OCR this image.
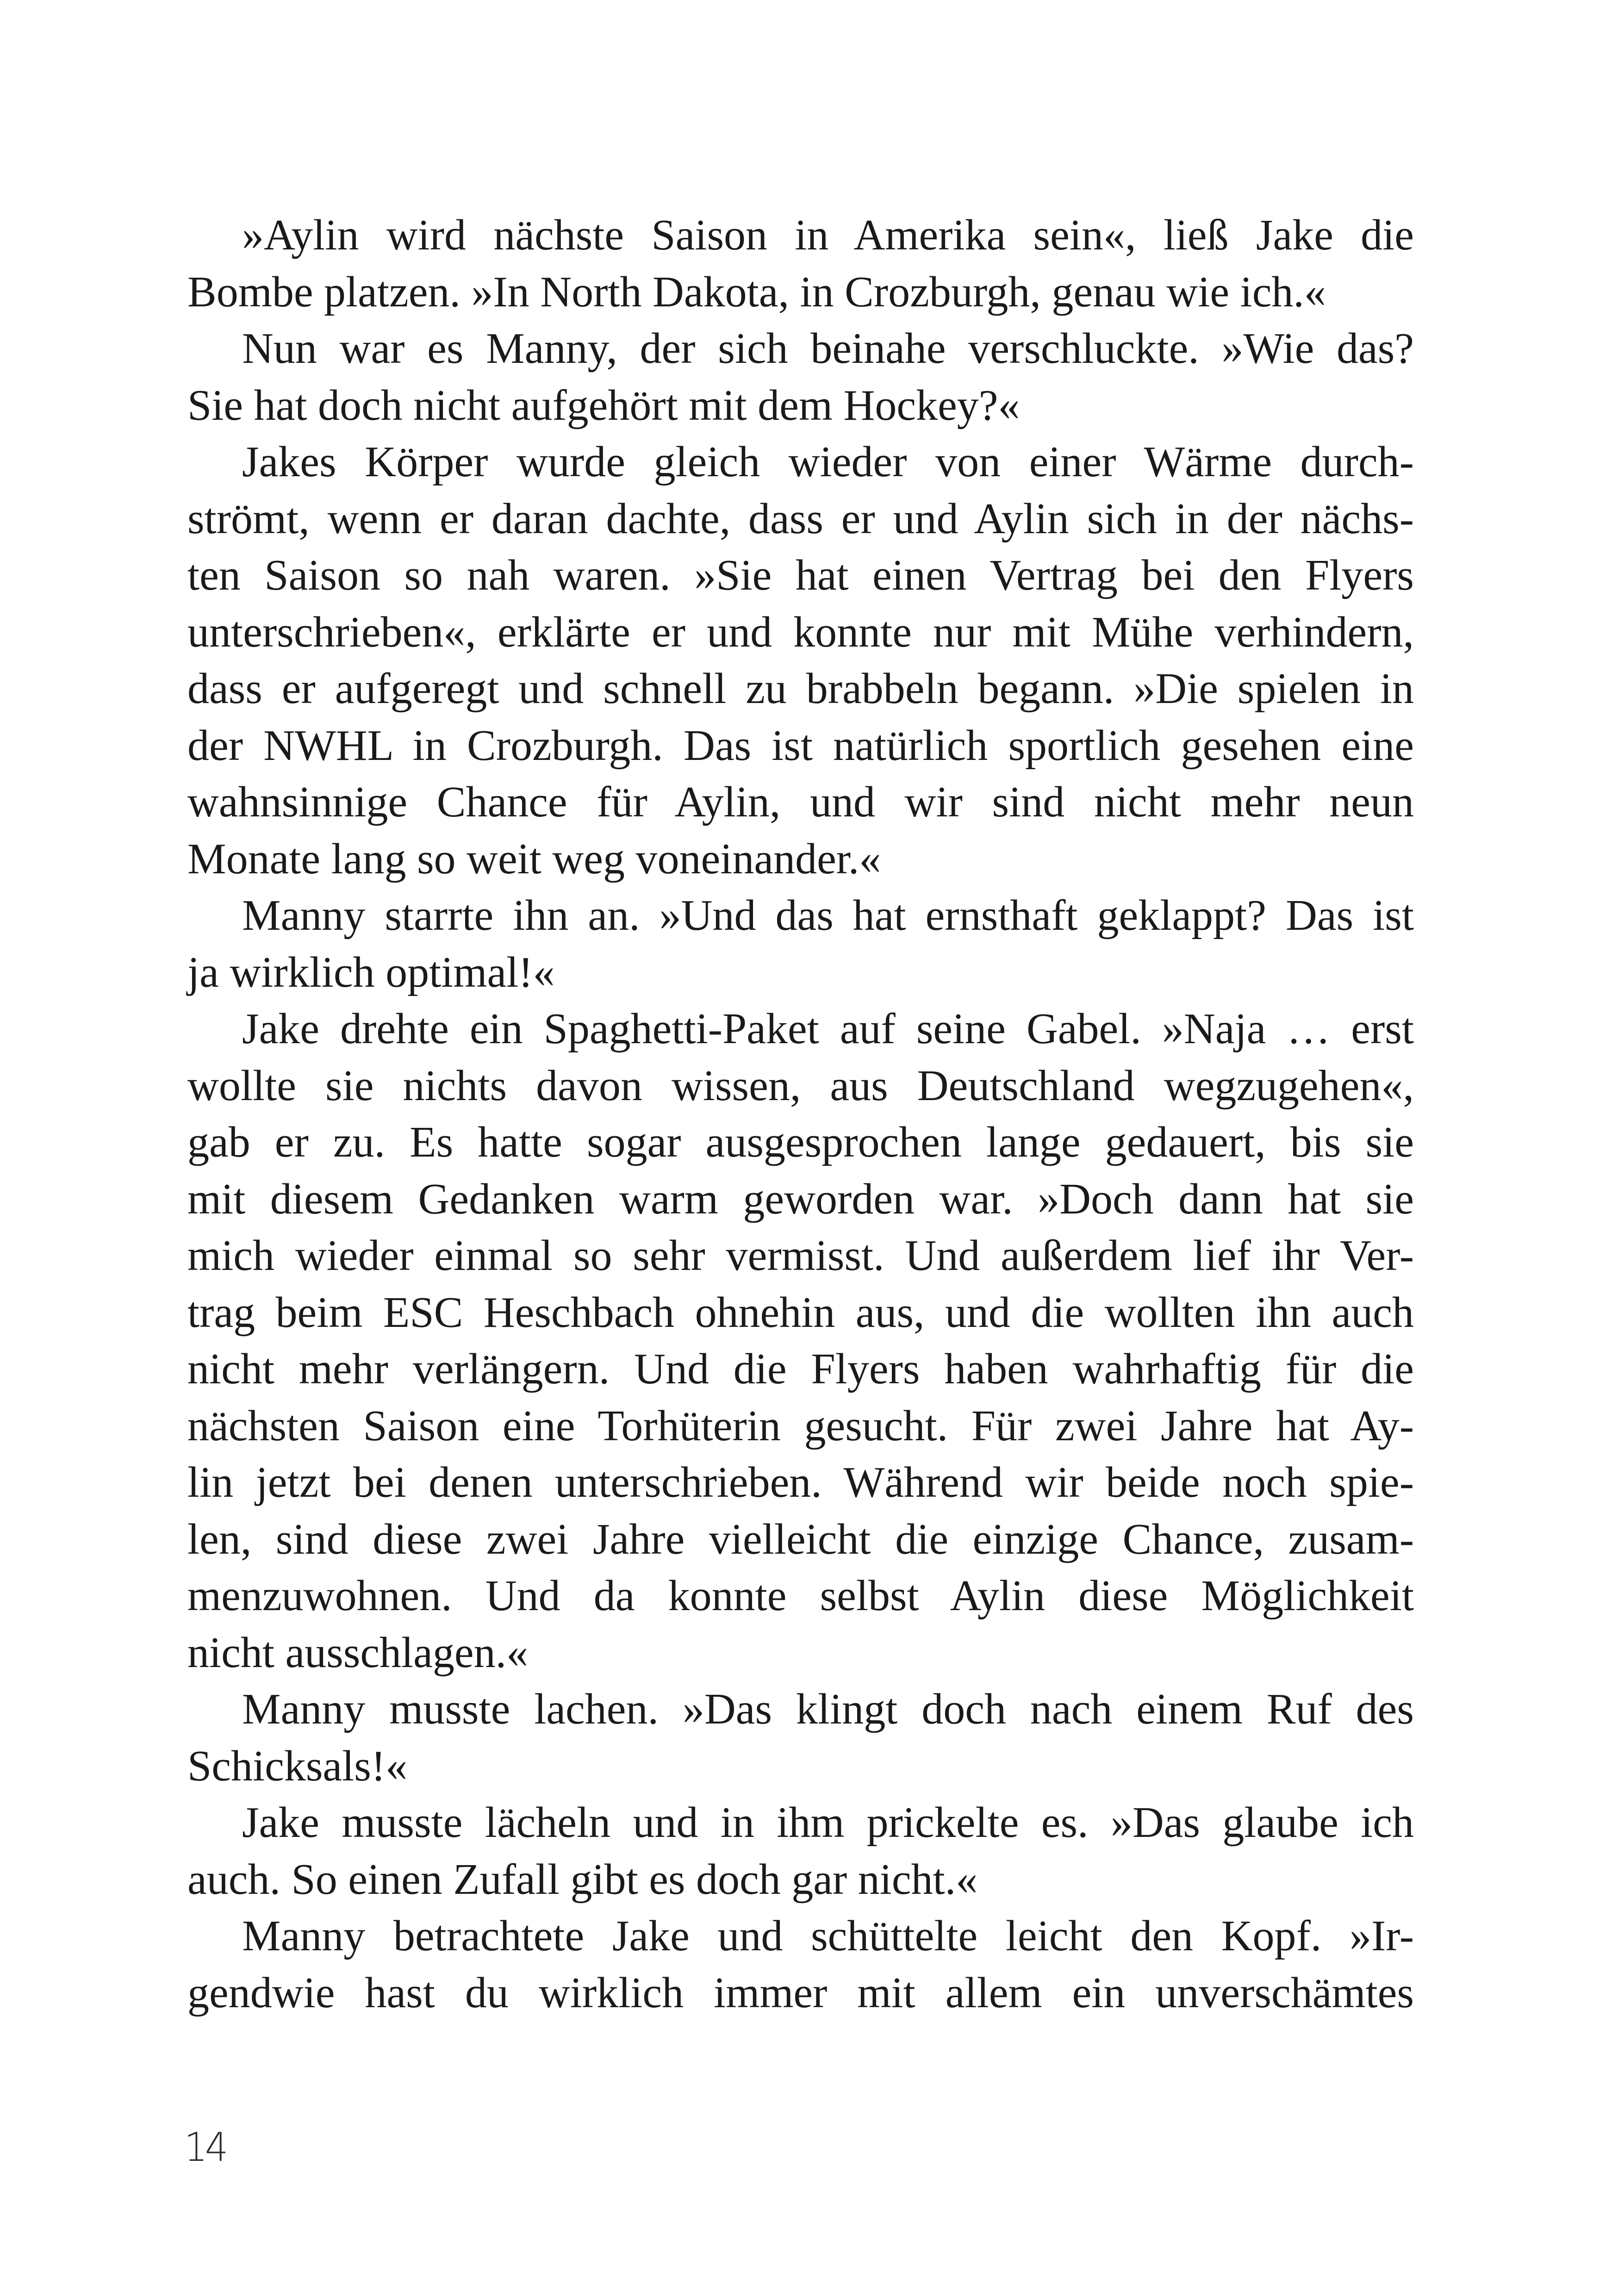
»Aylin wird nächste Saison in Amerika sein«, ließ Jake die
Bombe platzen. »In North Dakota, in Crozburgh, genau wie ich.«
Nun war es Manny, der sich beinahe verschluckte. »Wie das?
Sie hat doch nicht aufgehört mit dem Hockey?«
Jakes Körper wurde gleich wieder von einer Wärme durch-
strömt, wenn er daran dachte, dass er und Aylin sich in der nächs-
ten Saison so nah waren. »Sie hat einen Vertrag bei den Flyers
unterschrieben«, erklärte er und konnte nur mit Mühe verhindern,
dass er aufgeregt und schnell zu brabbeln begann. »Die spielen in
der NWHL in Crozburgh. Das ist natürlich sportlich gesehen eine
wahnsinnige Chance für Aylin, und wir sind nicht mehr neun
Monate lang so weit weg voneinander.«
Manny starrte ihn an. »Und das hat ernsthaft geklappt? Das ist
ja wirklich optimal!«
Jake drehte ein Spaghetti-Paket auf seine Gabel. »Naja … erst
wollte sie nichts davon wissen, aus Deutschland wegzugehen«,
gab er zu. Es hatte sogar ausgesprochen lange gedauert, bis sie
mit diesem Gedanken warm geworden war. »Doch dann hat sie
mich wieder einmal so sehr vermisst. Und außerdem lief ihr Ver-
trag beim ESC Heschbach ohnehin aus, und die wollten ihn auch
nicht mehr verlängern. Und die Flyers haben wahrhaftig für die
nächsten Saison eine Torhüterin gesucht. Für zwei Jahre hat Ay-
lin jetzt bei denen unterschrieben. Während wir beide noch spie-
len, sind diese zwei Jahre vielleicht die einzige Chance, zusam-
menzuwohnen. Und da konnte selbst Aylin diese Möglichkeit
nicht ausschlagen.«
Manny musste lachen. »Das klingt doch nach einem Ruf des
Schicksals!«
Jake musste lächeln und in ihm prickelte es. »Das glaube ich
auch. So einen Zufall gibt es doch gar nicht.«
Manny betrachtete Jake und schüttelte leicht den Kopf. »Ir-
gendwie hast du wirklich immer mit allem ein unverschämtes
14
